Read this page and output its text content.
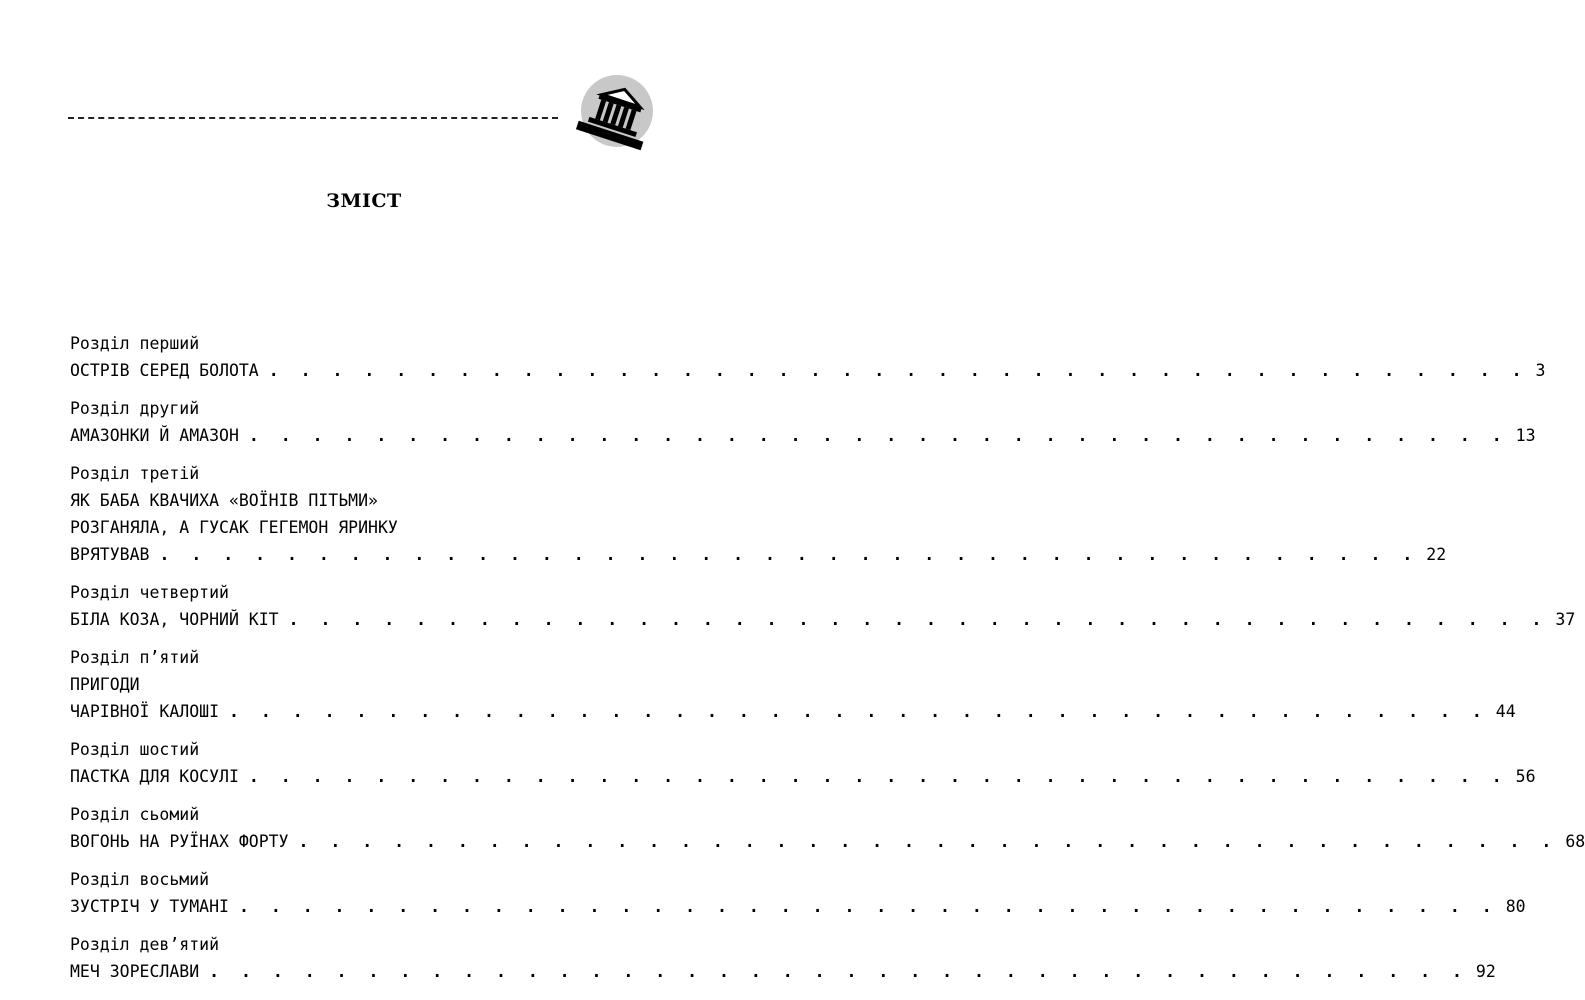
ЗМІСТ
Розділ перший
ОСТРІВ СЕРЕД БОЛОТА . . . . . . . . . . . . . . . . . . . . . . . . . . . . . . . . . . . . . . . . 3
Розділ другий
АМАЗОНКИ Й АМАЗОН . . . . . . . . . . . . . . . . . . . . . . . . . . . . . . . . . . . . . . . . 13
Розділ третій
ЯК БАБА КВАЧИХА «ВОЇНІВ ПІТЬМИ»
РОЗГАНЯЛА, А ГУСАК ГЕГЕМОН ЯРИНКУ
ВРЯТУВАВ . . . . . . . . . . . . . . . . . . . . . . . . . . . . . . . . . . . . . . . . 22
Розділ четвертий
БІЛА КОЗА, ЧОРНИЙ КІТ . . . . . . . . . . . . . . . . . . . . . . . . . . . . . . . . . . . . . . . . 37
Розділ п’ятий
ПРИГОДИ
ЧАРІВНОЇ КАЛОШІ . . . . . . . . . . . . . . . . . . . . . . . . . . . . . . . . . . . . . . . . 44
Розділ шостий
ПАСТКА ДЛЯ КОСУЛІ . . . . . . . . . . . . . . . . . . . . . . . . . . . . . . . . . . . . . . . . 56
Розділ сьомий
ВОГОНЬ НА РУЇНАХ ФОРТУ . . . . . . . . . . . . . . . . . . . . . . . . . . . . . . . . . . . . . . . . 68
Розділ восьмий
ЗУСТРІЧ У ТУМАНІ . . . . . . . . . . . . . . . . . . . . . . . . . . . . . . . . . . . . . . . . 80
Розділ дев’ятий
МЕЧ ЗОРЕСЛАВИ . . . . . . . . . . . . . . . . . . . . . . . . . . . . . . . . . . . . . . . . 92
